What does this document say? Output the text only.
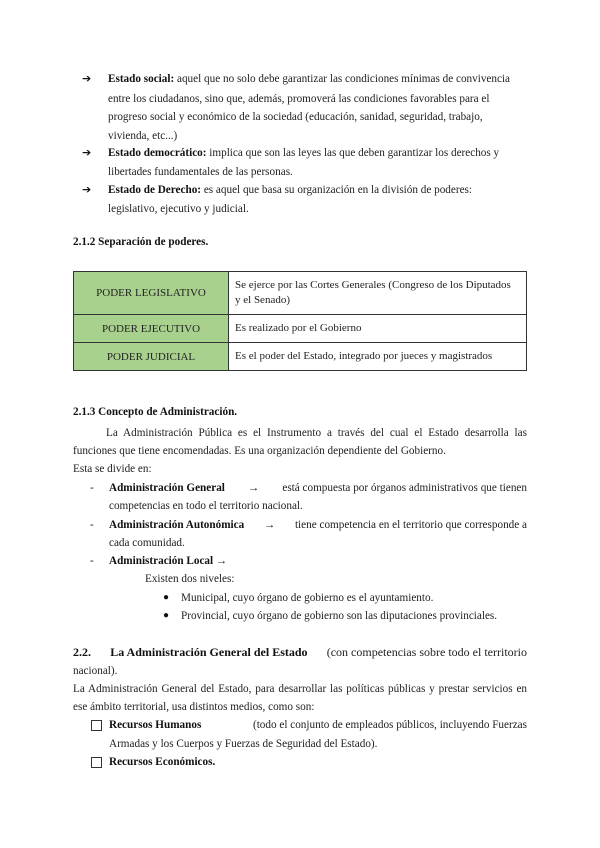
➔ Estado social: aquel que no solo debe garantizar las condiciones mínimas de convivencia
entre los ciudadanos, sino que, además, promoverá las condiciones favorables para el
progreso social y económico de la sociedad (educación, sanidad, seguridad, trabajo,
vivienda, etc...)
➔ Estado democrático: implica que son las leyes las que deben garantizar los derechos y
libertades fundamentales de las personas.
➔ Estado de Derecho: es aquel que basa su organización en la división de poderes:
legislativo, ejecutivo y judicial.
2.1.2 Separación de poderes.
PODER LEGISLATIVO	Se ejerce por las Cortes Generales (Congreso de los Diputados
y el Senado)

PODER EJECUTIVO	Es realizado por el Gobierno
PODER JUDICIAL	Es el poder del Estado, integrado por jueces y magistrados
2.1.3 Concepto de Administración.
La Administración Pública es el Instrumento a través del cual el Estado desarrolla las
funciones que tiene encomendadas. Es una organización dependiente del Gobierno.
Esta se divide en:
- Administración General → está compuesta por órganos administrativos que tienen
competencias en todo el territorio nacional.
- Administración Autonómica → tiene competencia en el territorio que corresponde a
cada comunidad.
- Administración Local →
Existen dos niveles:
● Municipal, cuyo órgano de gobierno es el ayuntamiento.
● Provincial, cuyo órgano de gobierno son las diputaciones provinciales.
2.2. La Administración General del Estado (con competencias sobre todo el territorio
nacional).
La Administración General del Estado, para desarrollar las políticas públicas y prestar servicios en
ese ámbito territorial, usa distintos medios, como son:
Recursos Humanos	(todo el conjunto de empleados públicos, incluyendo Fuerzas
Armadas y los Cuerpos y Fuerzas de Seguridad del Estado).
Recursos Económicos.
